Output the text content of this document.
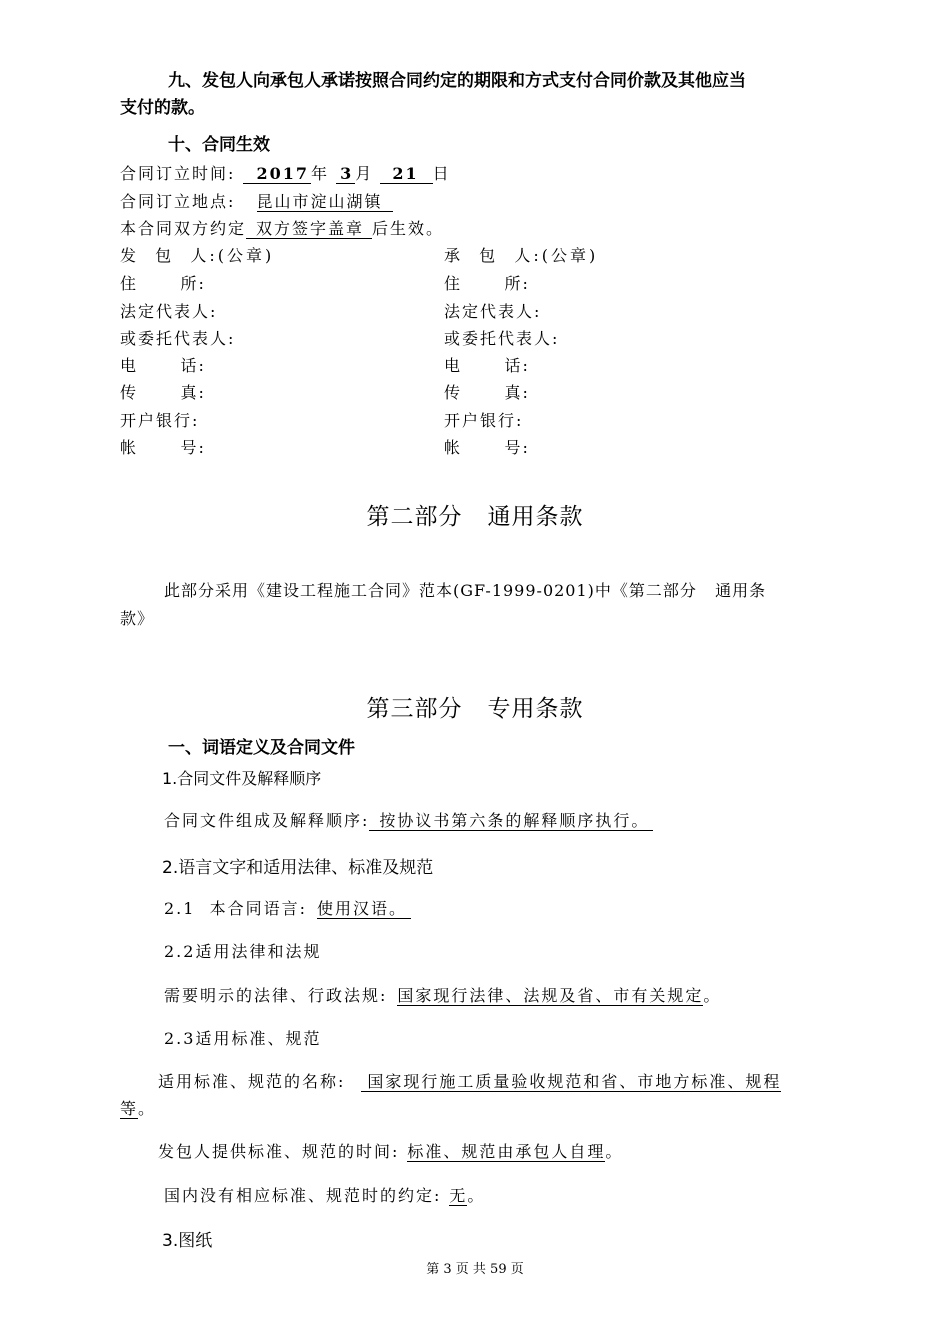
九、发包人向承包人承诺按照合同约定的期限和方式支付合同价款及其他应当
支付的款。
十、合同生效
合同订立时间: 2017 年 3 月 21 日
合同订立地点: 昆山市淀山湖镇
本合同双方约定 双方签字盖章 后生效。
发  包  人:(公章)	承  包  人:(公章)
住      所:
法定代表人:
或委托代表人:
电      话:
传      真:
开户银行:
帐      号:
住      所:
法定代表人:
或委托代表人:
电      话:
传      真:
开户银行:
帐      号:
第二部分   通用条款
此部分采用《建设工程施工合同》范本(GF-1999-0201)中《第二部分   通用条
款》
第三部分   专用条款
一、词语定义及合同文件
1.合同文件及解释顺序
合同文件组成及解释顺序: 按协议书第六条的解释顺序执行。
2.语言文字和适用法律、标准及规范
2.1  本合同语言: 使用汉语。
2.2适用法律和法规
需要明示的法律、行政法规: 国家现行法律、法规及省、市有关规定。
2.3适用标准、规范
适用标准、规范的名称: 国家现行施工质量验收规范和省、市地方标准、规程
等。
发包人提供标准、规范的时间: 标准、规范由承包人自理。
国内没有相应标准、规范时的约定: 无。
3.图纸
第 3 页 共 59 页
